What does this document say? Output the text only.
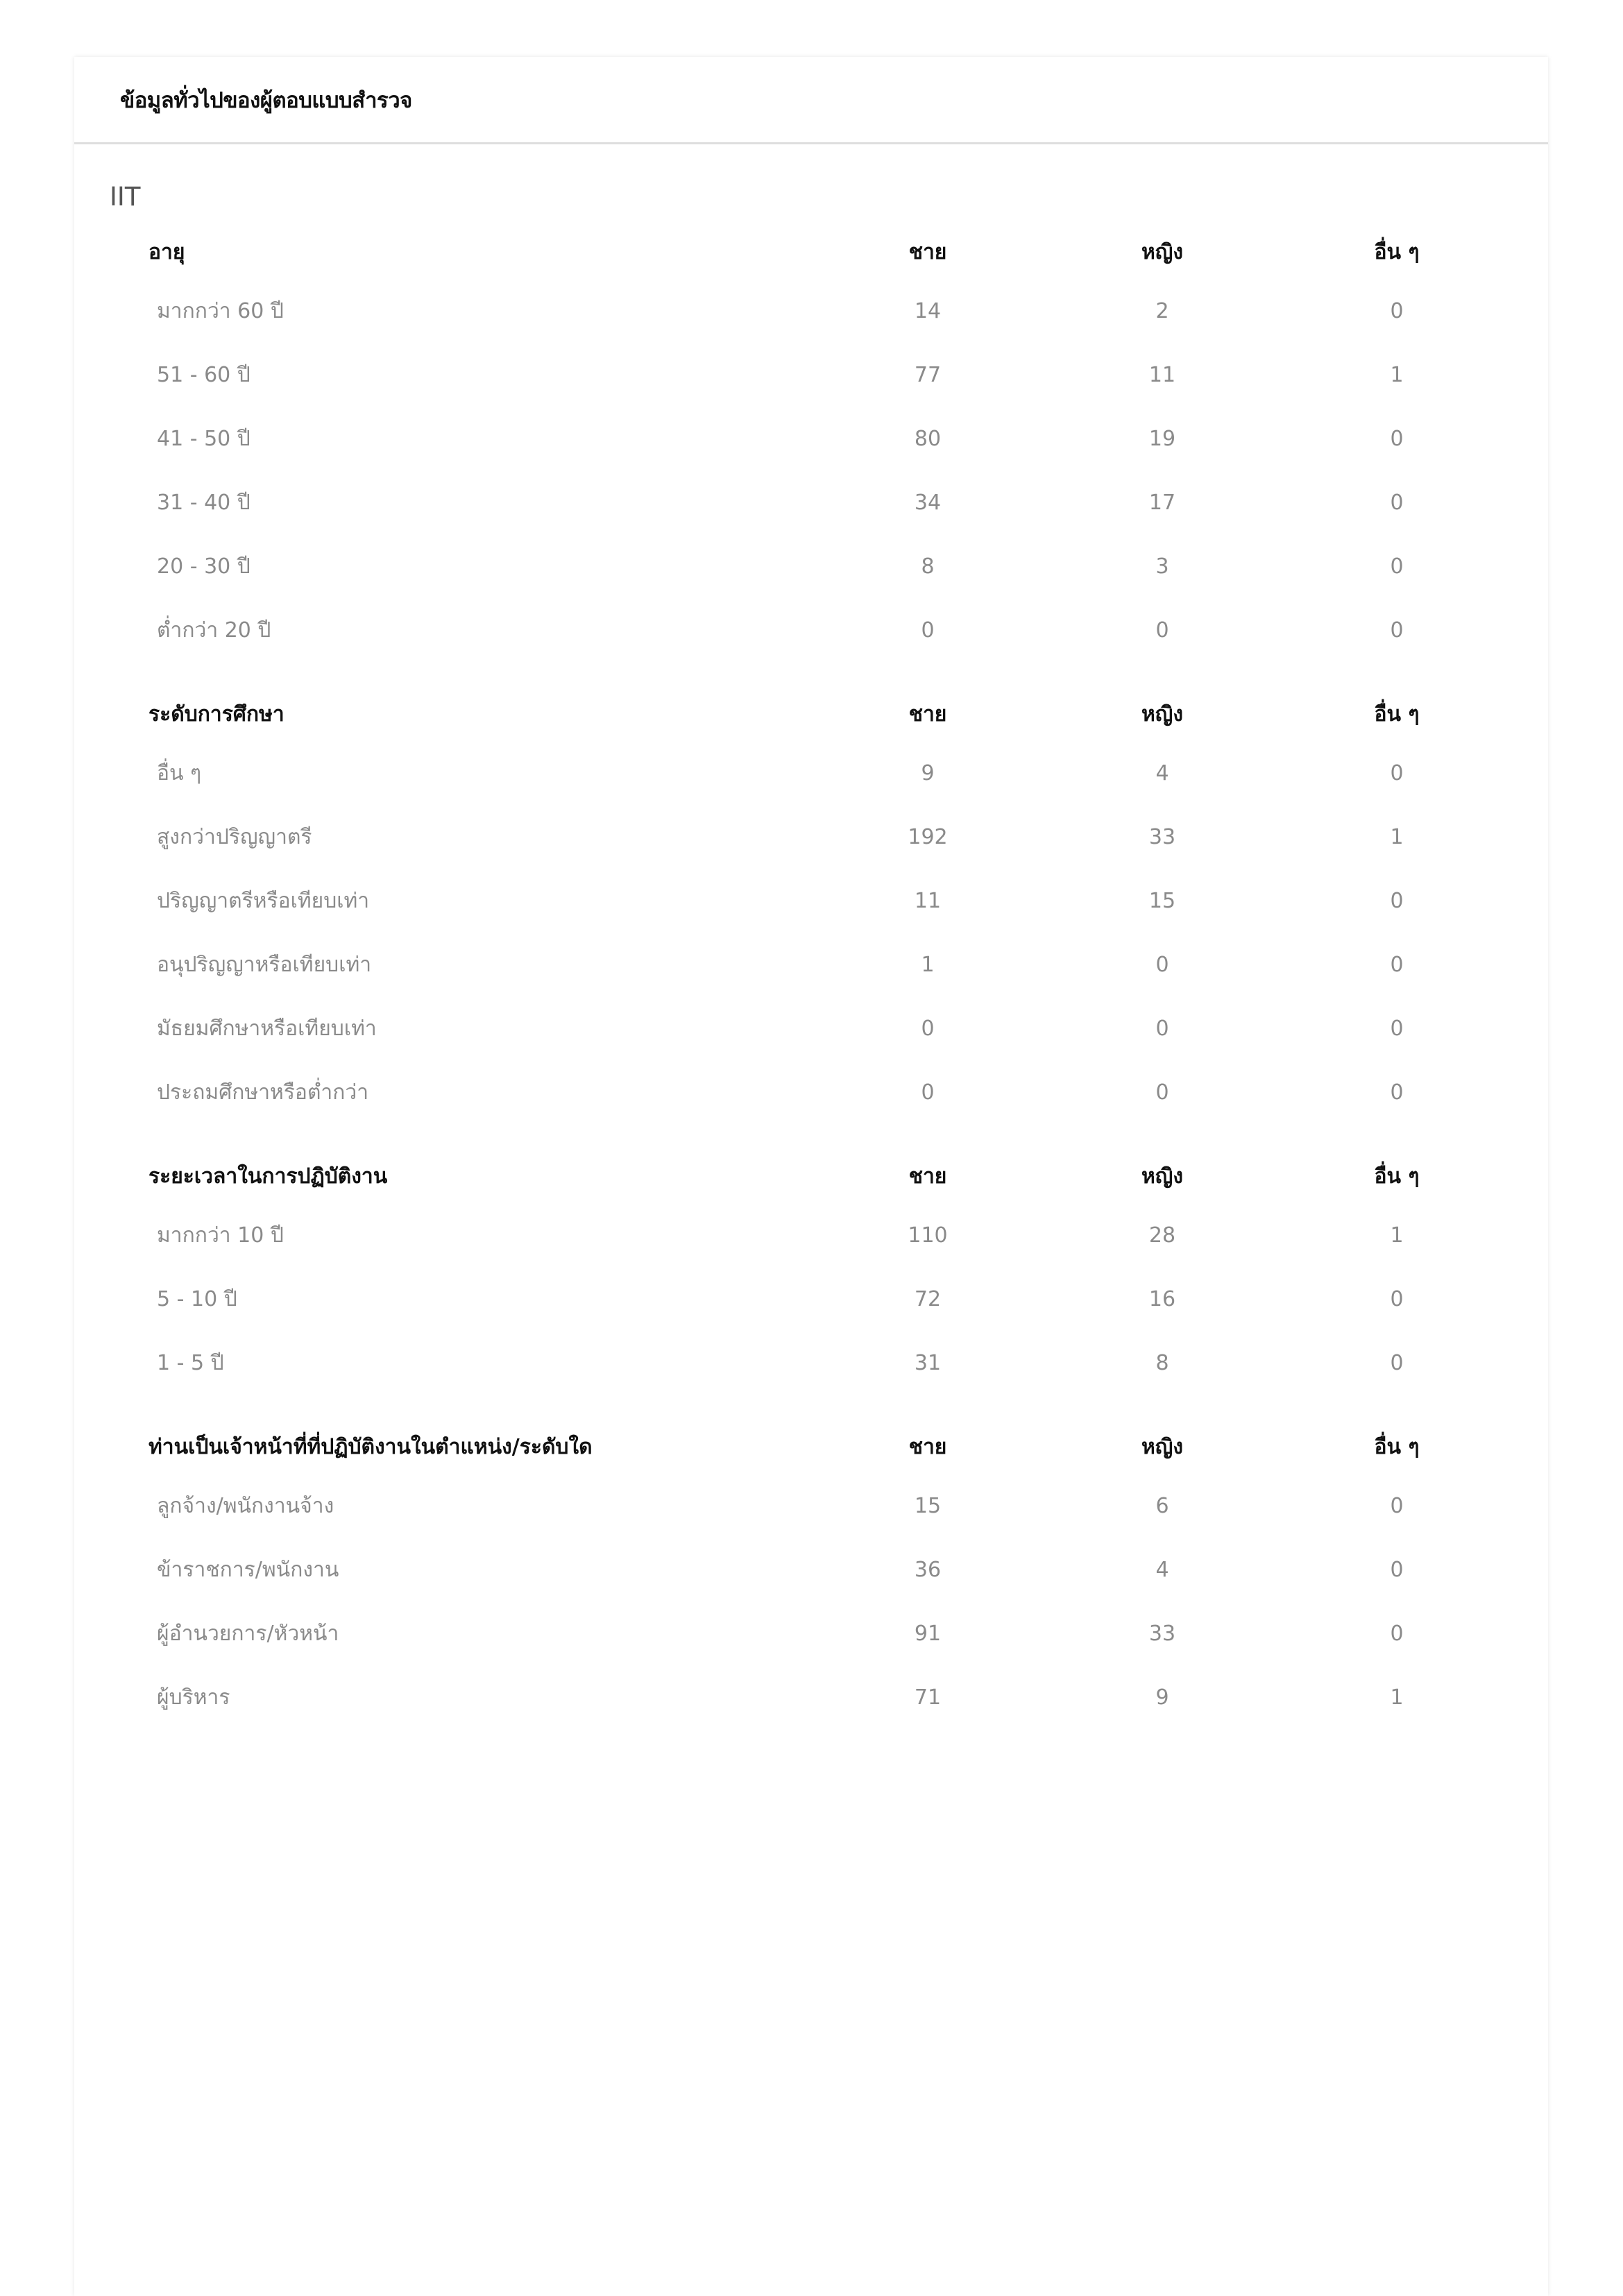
ข้อมูลทั่วไปของผู้ตอบแบบสำรวจ
IIT
อายุ	ชาย	หญิง	อื่น ๆ
มากกว่า 60 ปี	14	2	0
51 - 60 ปี	77	11	1
41 - 50 ปี	80	19	0
31 - 40 ปี	34	17	0
20 - 30 ปี	8	3	0
ต่ำกว่า 20 ปี	0	0	0
ระดับการศึกษา	ชาย	หญิง	อื่น ๆ
อื่น ๆ	9	4	0
สูงกว่าปริญญาตรี	192	33	1
ปริญญาตรีหรือเทียบเท่า	11	15	0
อนุปริญญาหรือเทียบเท่า	1	0	0
มัธยมศึกษาหรือเทียบเท่า	0	0	0
ประถมศึกษาหรือต่ำกว่า	0	0	0
ระยะเวลาในการปฏิบัติงาน	ชาย	หญิง	อื่น ๆ
มากกว่า 10 ปี	110	28	1
5 - 10 ปี	72	16	0
1 - 5 ปี	31	8	0
ท่านเป็นเจ้าหน้าที่ที่ปฏิบัติงานในตำแหน่ง/ระดับใด	ชาย	หญิง	อื่น ๆ
ลูกจ้าง/พนักงานจ้าง	15	6	0
ข้าราชการ/พนักงาน	36	4	0
ผู้อำนวยการ/หัวหน้า	91	33	0
ผู้บริหาร	71	9	1
